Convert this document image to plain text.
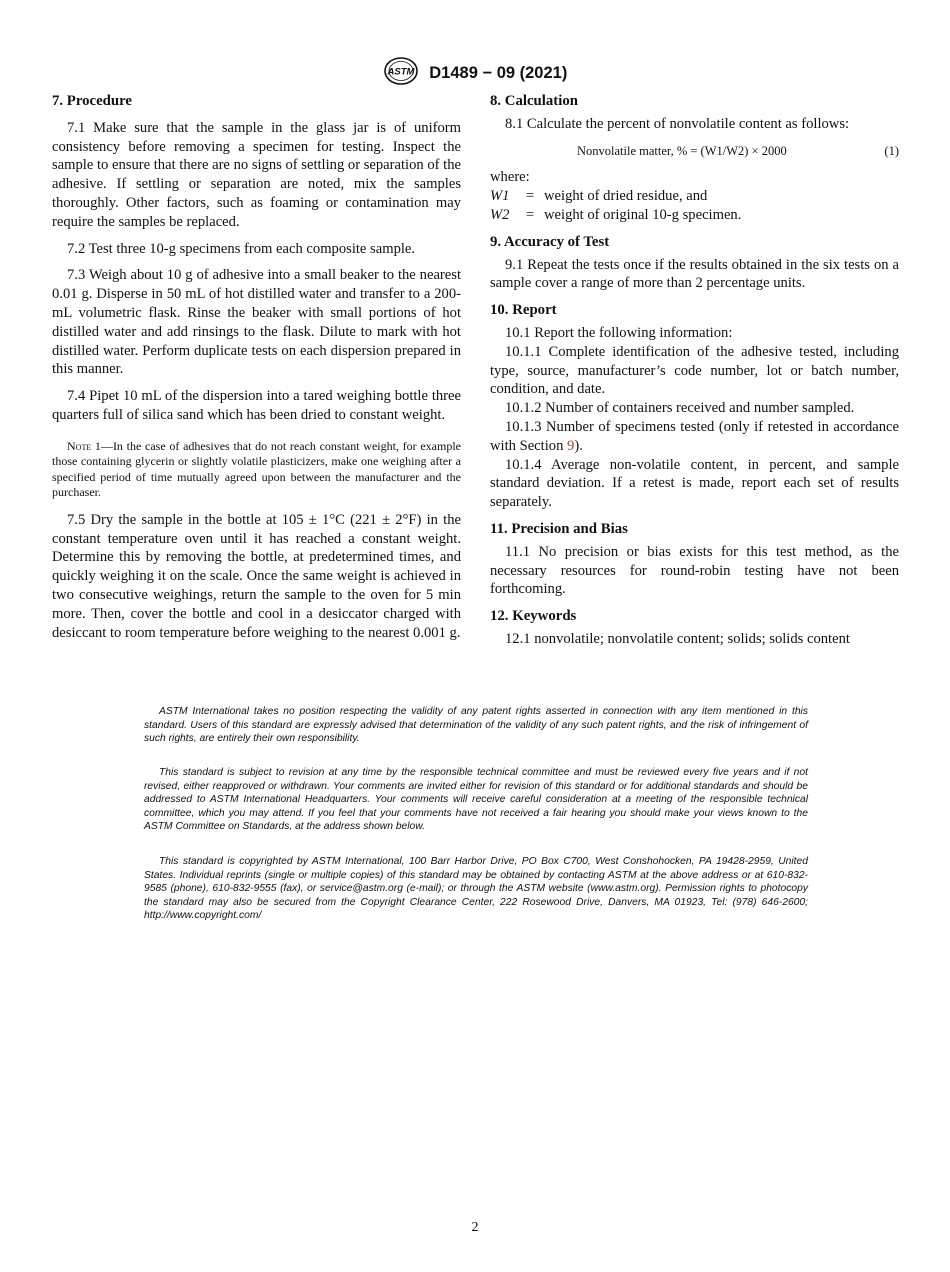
ASTM D1489 − 09 (2021)
7. Procedure

7.1 Make sure that the sample in the glass jar is of uniform consistency before removing a specimen for testing. Inspect the sample to ensure that there are no signs of settling or separation of the adhesive. If settling or separation are noted, mix the samples thoroughly. Other factors, such as foaming or contamination may require the samples be replaced.

7.2 Test three 10-g specimens from each composite sample.

7.3 Weigh about 10 g of adhesive into a small beaker to the nearest 0.01 g. Disperse in 50 mL of hot distilled water and transfer to a 200-mL volumetric flask. Rinse the beaker with small portions of hot distilled water and add rinsings to the flask. Dilute to mark with hot distilled water. Perform duplicate tests on each dispersion prepared in this manner.

7.4 Pipet 10 mL of the dispersion into a tared weighing bottle three quarters full of silica sand which has been dried to constant weight.

Note 1—In the case of adhesives that do not reach constant weight, for example those containing glycerin or slightly volatile plasticizers, make one weighing after a specified period of time mutually agreed upon between the manufacturer and the purchaser.

7.5 Dry the sample in the bottle at 105 ± 1°C (221 ± 2°F) in the constant temperature oven until it has reached a constant weight. Determine this by removing the bottle, at predetermined times, and quickly weighing it on the scale. Once the same weight is achieved in two consecutive weighings, return the sample to the oven for 5 min more. Then, cover the bottle and cool in a desiccator charged with desiccant to room temperature before weighing to the nearest 0.001 g.

8. Calculation

8.1 Calculate the percent of nonvolatile content as follows:

Nonvolatile matter, % = (W1/W2) × 2000	(1)

where:

W1	= weight of dried residue, and
W2	= weight of original 10-g specimen.
9. Accuracy of Test

9.1 Repeat the tests once if the results obtained in the six tests on a sample cover a range of more than 2 percentage units.

10. Report

10.1 Report the following information:

10.1.1 Complete identification of the adhesive tested, including type, source, manufacturer’s code number, lot or batch number, condition, and date.

10.1.2 Number of containers received and number sampled.

10.1.3 Number of specimens tested (only if retested in accordance with Section 9).

10.1.4 Average non-volatile content, in percent, and sample standard deviation. If a retest is made, report each set of results separately.

11. Precision and Bias

11.1 No precision or bias exists for this test method, as the necessary resources for round-robin testing have not been forthcoming.

12. Keywords

12.1 nonvolatile; nonvolatile content; solids; solids content

ASTM International takes no position respecting the validity of any patent rights asserted in connection with any item mentioned in this standard. Users of this standard are expressly advised that determination of the validity of any such patent rights, and the risk of infringement of such rights, are entirely their own responsibility.

This standard is subject to revision at any time by the responsible technical committee and must be reviewed every five years and if not revised, either reapproved or withdrawn. Your comments are invited either for revision of this standard or for additional standards and should be addressed to ASTM International Headquarters. Your comments will receive careful consideration at a meeting of the responsible technical committee, which you may attend. If you feel that your comments have not received a fair hearing you should make your views known to the ASTM Committee on Standards, at the address shown below.

This standard is copyrighted by ASTM International, 100 Barr Harbor Drive, PO Box C700, West Conshohocken, PA 19428-2959, United States. Individual reprints (single or multiple copies) of this standard may be obtained by contacting ASTM at the above address or at 610-832-9585 (phone), 610-832-9555 (fax), or service@astm.org (e-mail); or through the ASTM website (www.astm.org). Permission rights to photocopy the standard may also be secured from the Copyright Clearance Center, 222 Rosewood Drive, Danvers, MA 01923, Tel: (978) 646-2600; http://www.copyright.com/

2
